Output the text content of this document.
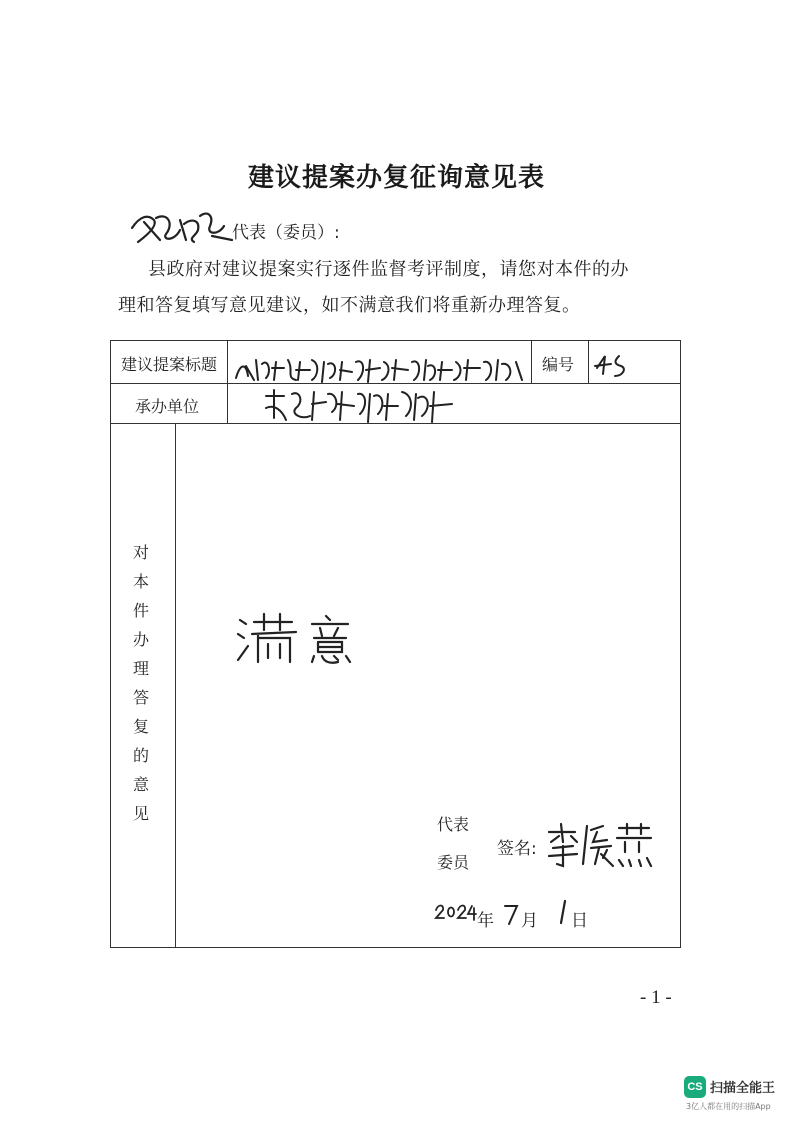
建议提案办复征询意见表
代表（委员）:
县政府对建议提案实行逐件监督考评制度，请您对本件的办
理和答复填写意见建议，如不满意我们将重新办理答复。
建议提案标题	编号
承办单位
对
本
件
办
理
答
复
的
意
见
代表
委员
签名:
年 月 日
- 1 -
CS 扫描全能王
3亿人都在用的扫描App
